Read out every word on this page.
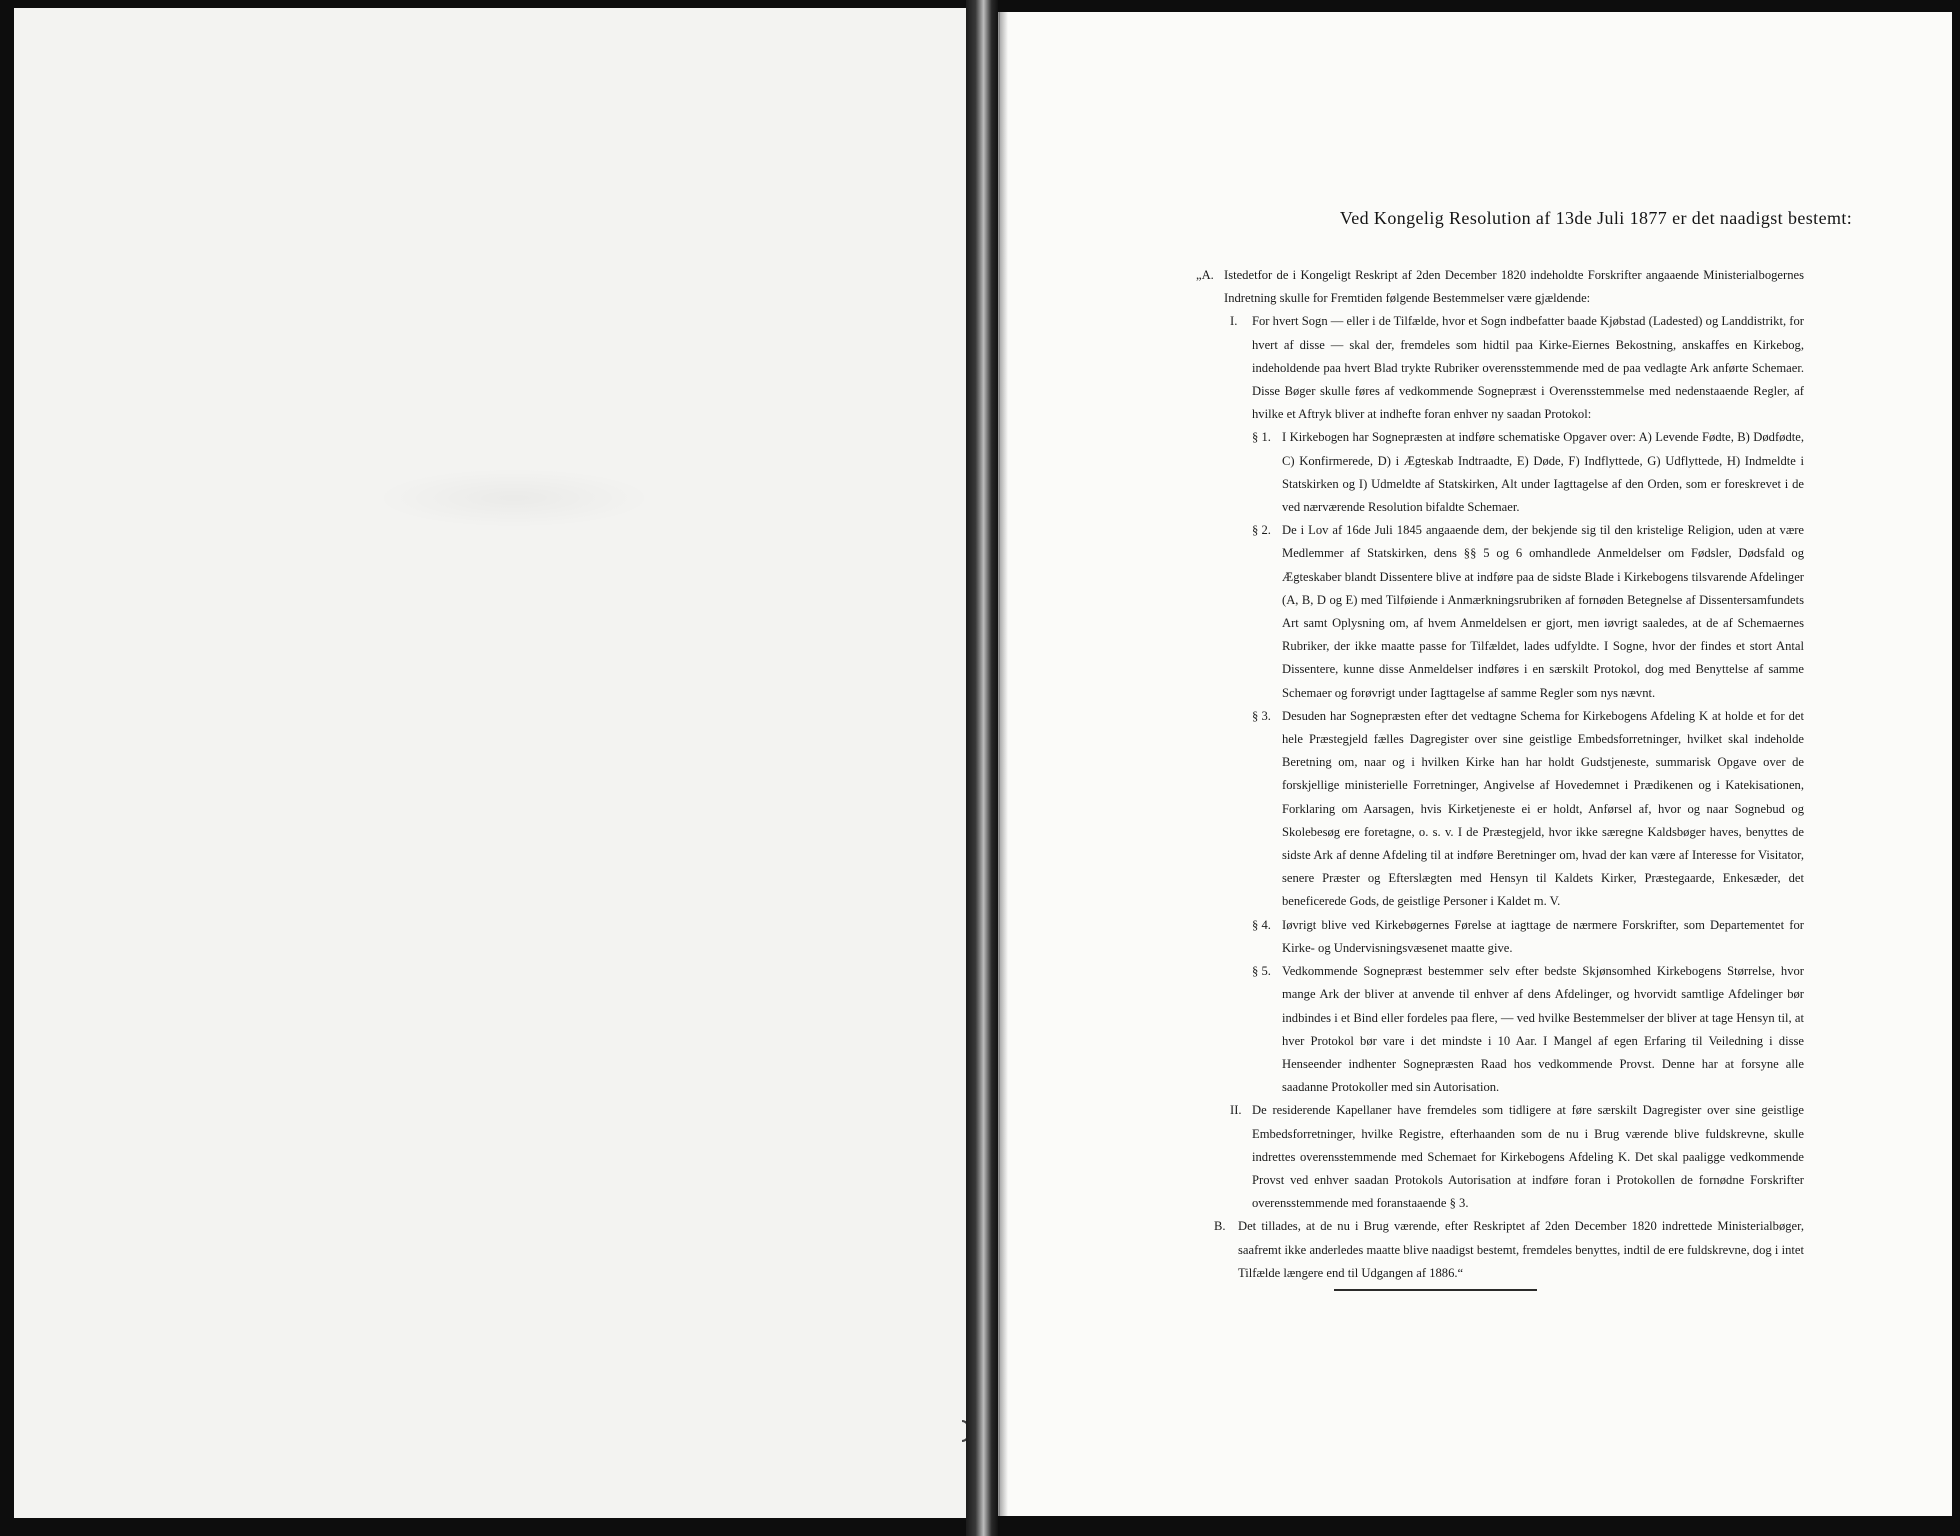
Ved Kongelig Resolution af 13de Juli 1877 er det naadigst bestemt:
„A. Istedetfor de i Kongeligt Reskript af 2den December 1820 indeholdte Forskrifter angaaende Ministerialbogernes Indretning skulle for Fremtiden følgende Bestemmelser være gjældende:
I.	For hvert Sogn — eller i de Tilfælde, hvor et Sogn indbefatter baade Kjøbstad (Ladested) og Landdistrikt, for hvert af disse — skal der, fremdeles som hidtil paa Kirke-Eiernes Bekostning, anskaffes en Kirkebog, indeholdende paa hvert Blad trykte Rubriker overensstemmende med de paa vedlagte Ark anførte Schemaer. Disse Bøger skulle føres af vedkommende Sognepræst i Overensstemmelse med nedenstaaende Regler, af hvilke et Aftryk bliver at indhefte foran enhver ny saadan Protokol:
§ 1. I Kirkebogen har Sognepræsten at indføre schematiske Opgaver over: A) Levende Fødte, B) Dødfødte, C) Konfirmerede, D) i Ægteskab Indtraadte, E) Døde, F) Indflyttede, G) Udflyttede, H) Indmeldte i Statskirken og I) Udmeldte af Statskirken, Alt under Iagttagelse af den Orden, som er foreskrevet i de ved nærværende Resolution bifaldte Schemaer.
§ 2. De i Lov af 16de Juli 1845 angaaende dem, der bekjende sig til den kristelige Religion, uden at være Medlemmer af Statskirken, dens §§ 5 og 6 omhandlede Anmeldelser om Fødsler, Dødsfald og Ægteskaber blandt Dissentere blive at indføre paa de sidste Blade i Kirkebogens tilsvarende Afdelinger (A, B, D og E) med Tilføiende i Anmærkningsrubriken af fornøden Betegnelse af Dissentersamfundets Art samt Oplysning om, af hvem Anmeldelsen er gjort, men iøvrigt saaledes, at de af Schemaernes Rubriker, der ikke maatte passe for Tilfældet, lades udfyldte. I Sogne, hvor der findes et stort Antal Dissentere, kunne disse Anmeldelser indføres i en særskilt Protokol, dog med Benyttelse af samme Schemaer og forøvrigt under Iagttagelse af samme Regler som nys nævnt.
§ 3. Desuden har Sognepræsten efter det vedtagne Schema for Kirkebogens Afdeling K at holde et for det hele Præstegjeld fælles Dagregister over sine geistlige Embedsforretninger, hvilket skal indeholde Beretning om, naar og i hvilken Kirke han har holdt Gudstjeneste, summarisk Opgave over de forskjellige ministerielle Forretninger, Angivelse af Hovedemnet i Prædikenen og i Katekisationen, Forklaring om Aarsagen, hvis Kirketjeneste ei er holdt, Anførsel af, hvor og naar Sognebud og Skolebesøg ere foretagne, o. s. v. I de Præstegjeld, hvor ikke særegne Kaldsbøger haves, benyttes de sidste Ark af denne Afdeling til at indføre Beretninger om, hvad der kan være af Interesse for Visitator, senere Præster og Efterslægten med Hensyn til Kaldets Kirker, Præstegaarde, Enkesæder, det beneficerede Gods, de geistlige Personer i Kaldet m. V.
§ 4. Iøvrigt blive ved Kirkebøgernes Førelse at iagttage de nærmere Forskrifter, som Departementet for Kirke- og Undervisningsvæsenet maatte give.
§ 5. Vedkommende Sognepræst bestemmer selv efter bedste Skjønsomhed Kirkebogens Størrelse, hvor mange Ark der bliver at anvende til enhver af dens Afdelinger, og hvorvidt samtlige Afdelinger bør indbindes i et Bind eller fordeles paa flere, — ved hvilke Bestemmelser der bliver at tage Hensyn til, at hver Protokol bør vare i det mindste i 10 Aar. I Mangel af egen Erfaring til Veiledning i disse Henseender indhenter Sognepræsten Raad hos vedkommende Provst. Denne har at forsyne alle saadanne Protokoller med sin Autorisation.
II. De residerende Kapellaner have fremdeles som tidligere at føre særskilt Dagregister over sine geistlige Embedsforretninger, hvilke Registre, efterhaanden som de nu i Brug værende blive fuldskrevne, skulle indrettes overensstemmende med Schemaet for Kirkebogens Afdeling K. Det skal paaligge vedkommende Provst ved enhver saadan Protokols Autorisation at indføre foran i Protokollen de fornødne Forskrifter overensstemmende med foranstaaende § 3.
B. Det tillades, at de nu i Brug værende, efter Reskriptet af 2den December 1820 indrettede Ministerialbøger, saafremt ikke anderledes maatte blive naadigst bestemt, fremdeles benyttes, indtil de ere fuldskrevne, dog i intet Tilfælde længere end til Udgangen af 1886.“
